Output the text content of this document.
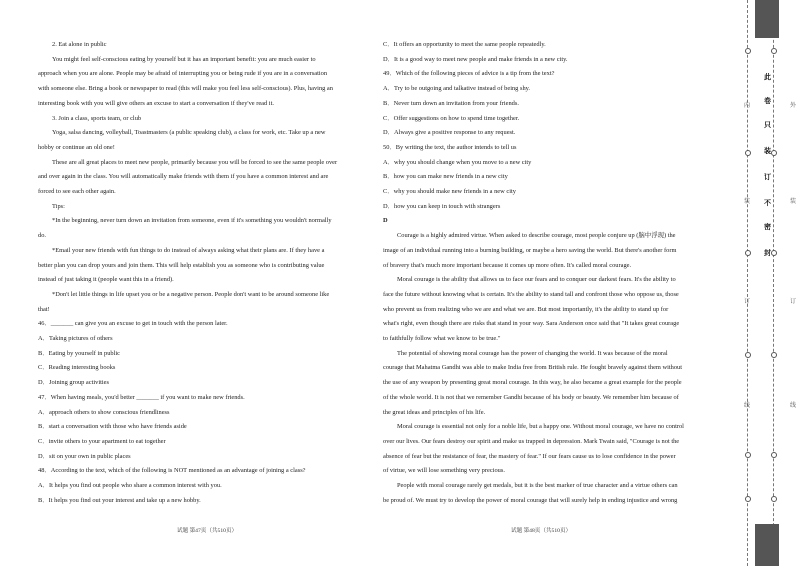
2. Eat alone in public

You might feel self-conscious eating by yourself but it has an important benefit: you are much easier to

approach when you are alone. People may be afraid of interrupting you or being rude if you are in a conversation

with someone else. Bring a book or newspaper to read (this will make you feel less self-conscious). Plus, having an

interesting book with you will give others an excuse to start a conversation if they've read it.

3. Join a class, sports team, or club

Yoga, salsa dancing, volleyball, Toastmasters (a public speaking club), a class for work, etc. Take up a new

hobby or continue an old one!

These are all great places to meet new people, primarily because you will be forced to see the same people over

and over again in the class. You will automatically make friends with them if you have a common interest and are

forced to see each other again.

Tips:

*In the beginning, never turn down an invitation from someone, even if it's something you wouldn't normally

do.

*Email your new friends with fun things to do instead of always asking what their plans are. If they have a

better plan you can drop yours and join them. This will help establish you as someone who is contributing value

instead of just taking it (people want this in a friend).

*Don't let little things in life upset you or be a negative person. People don't want to be around someone like

that!

46．_______ can give you an excuse to get in touch with the person later.

A．Taking pictures of others

B．Eating by yourself in public

C．Reading interesting books

D．Joining group activities

47．When having meals, you'd better _______ if you want to make new friends.

A．approach others to show conscious friendliness

B．start a conversation with those who have friends aside

C．invite others to your apartment to eat together

D．sit on your own in public places

48．According to the text, which of the following is NOT mentioned as an advantage of joining a class?

A．It helps you find out people who share a common interest with you.

B．It helps you find out your interest and take up a new hobby.

C．It offers an opportunity to meet the same people repeatedly.

D．It is a good way to meet new people and make friends in a new city.

49．Which of the following pieces of advice is a tip from the text?

A．Try to be outgoing and talkative instead of being shy.

B．Never turn down an invitation from your friends.

C．Offer suggestions on how to spend time together.

D．Always give a positive response to any request.

50．By writing the text, the author intends to tell us

A．why you should change when you move to a new city

B．how you can make new friends in a new city

C．why you should make new friends in a new city

D．how you can keep in touch with strangers

D

Courage is a highly admired virtue. When asked to describe courage, most people conjure up (脑中浮现) the

image of an individual running into a burning building, or maybe a hero saving the world. But there's another form

of bravery that's much more important because it comes up more often. It's called moral courage.

Moral courage is the ability that allows us to face our fears and to conquer our darkest fears. It's the ability to

face the future without knowing what is certain. It's the ability to stand tall and confront those who oppose us, those

who prevent us from realizing who we are and what we are. But most importantly, it's the ability to stand up for

what's right, even though there are risks that stand in your way. Sara Anderson once said that "It takes great courage

to faithfully follow what we know to be true."

The potential of showing moral courage has the power of changing the world. It was because of the moral

courage that Mahatma Gandhi was able to make India free from British rule. He fought bravely against them without

the use of any weapon by presenting great moral courage. In this way, he also became a great example for the people

of the whole world. It is not that we remember Gandhi because of his body or beauty. We remember him because of

the great ideas and principles of his life.

Moral courage is essential not only for a noble life, but a happy one. Without moral courage, we have no control

over our lives. Our fears destroy our spirit and make us trapped in depression. Mark Twain said, "Courage is not the

absence of fear but the resistance of fear, the mastery of fear." If our fears cause us to lose confidence in the power

of virtue, we will lose something very precious.

People with moral courage rarely get medals, but it is the best marker of true character and a virtue others can

be proud of. We must try to develop the power of moral courage that will surely help in ending injustice and wrong

试题 第47页（共510页）	试题 第48页（共510页）
此
卷
只
装
订
不
密
封
内
装
订
线
外
装
订
线
